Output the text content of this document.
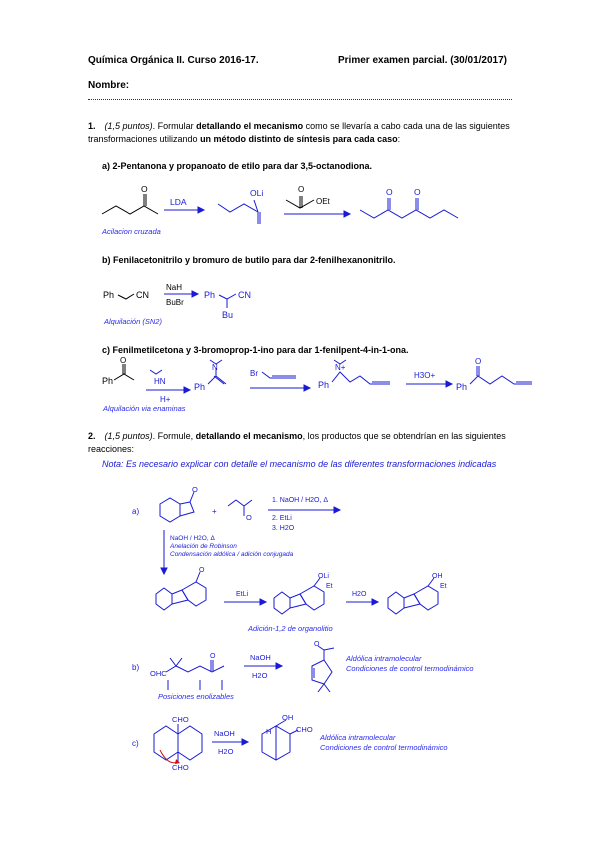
Química Orgánica II. Curso 2016-17.	Primer examen parcial. (30/01/2017)
Nombre:
1. (1,5 puntos). Formular detallando el mecanismo como se llevaría a cabo cada una de las siguientes transformaciones utilizando un método distinto de síntesis para cada caso:
a) 2-Pentanona y propanoato de etilo para dar 3,5-octanodiona.
O
LDA
OLi	O
OEt
O	O
Acilacion cruzada
b) Fenilacetonitrilo y bromuro de butilo para dar 2-fenilhexanonitrilo.
Ph CN
NaH
BuBr
Ph	CN
Bu
Alquilación (SN2)
c) Fenilmetilcetona y 3-bromoprop-1-ino para dar 1-fenilpent-4-in-1-ona.
Ph
O
HN
H+
Ph
N
Br
Ph
N+
H3O+
Ph
O
Alquilación via enaminas
2. (1,5 puntos). Formule, detallando el mecanismo, los productos que se obtendrían en las siguientes reacciones:
Nota: Es necesario explicar con detalle el mecanismo de las diferentes transformaciones indicadas
a)
O
+
O
1. NaOH / H2O, Δ
2. EtLi
3. H2O
NaOH / H2O, Δ
Anelación de Robinson
Condensación aldólica / adición conjugada
O
EtLi
OLi
Et
H2O
OH
Et
Adición-1,2 de organolitio
b)
OHC
O	NaOH
H2O
O
Aldólica intramolecular
Condiciones de control termodinámico
Posiciones enolizables
c)
CHO
CHO
NaOH
H2O
OH
H	CHO
Aldólica intramolecular
Condiciones de control termodinámico
